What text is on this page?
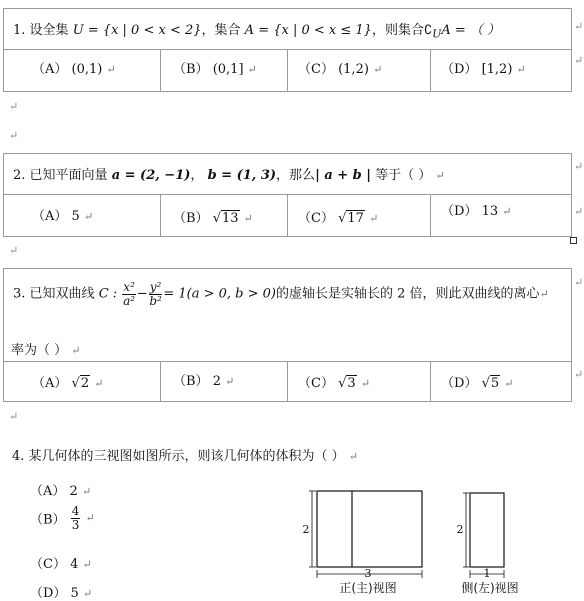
1. 设全集 U = {x | 0 < x < 2}，集合 A = {x | 0 < x ≤ 1}，则集合$∁_UA$ = （ ）
（A） (0,1) ↵	（B） (0,1] ↵	（C） (1,2) ↵	（D） [1,2) ↵
↵
↵
2. 已知平面向量 a = (2, −1)， b = (1, 3)，那么| a + b | 等于（ ） ↵
（A） 5 ↵	（B） √13 ↵	（C） √17 ↵	（D） 13 ↵
↵
3. 已知双曲线 C : $\frac{\text{x²}}{\text{a²}} - \frac{\text{y²}}{\text{b²}} = 1(a > 0$, b > 0)的虚轴长是实轴长的 2 倍，则此双曲线的离心↵
率为（ ） ↵
（A） √2 ↵	（B） 2 ↵	（C） √3 ↵	（D） √5 ↵
↵
4. 某几何体的三视图如图所示，则该几何体的体积为（ ） ↵
（A） 2 ↵
$(B) \frac{4}{3}$ ↵
（C） 4 ↵
（D） 5 ↵
2
3
正(主)视图
2
1
侧(左)视图
↵
↵
↵
↵
↵
↵
